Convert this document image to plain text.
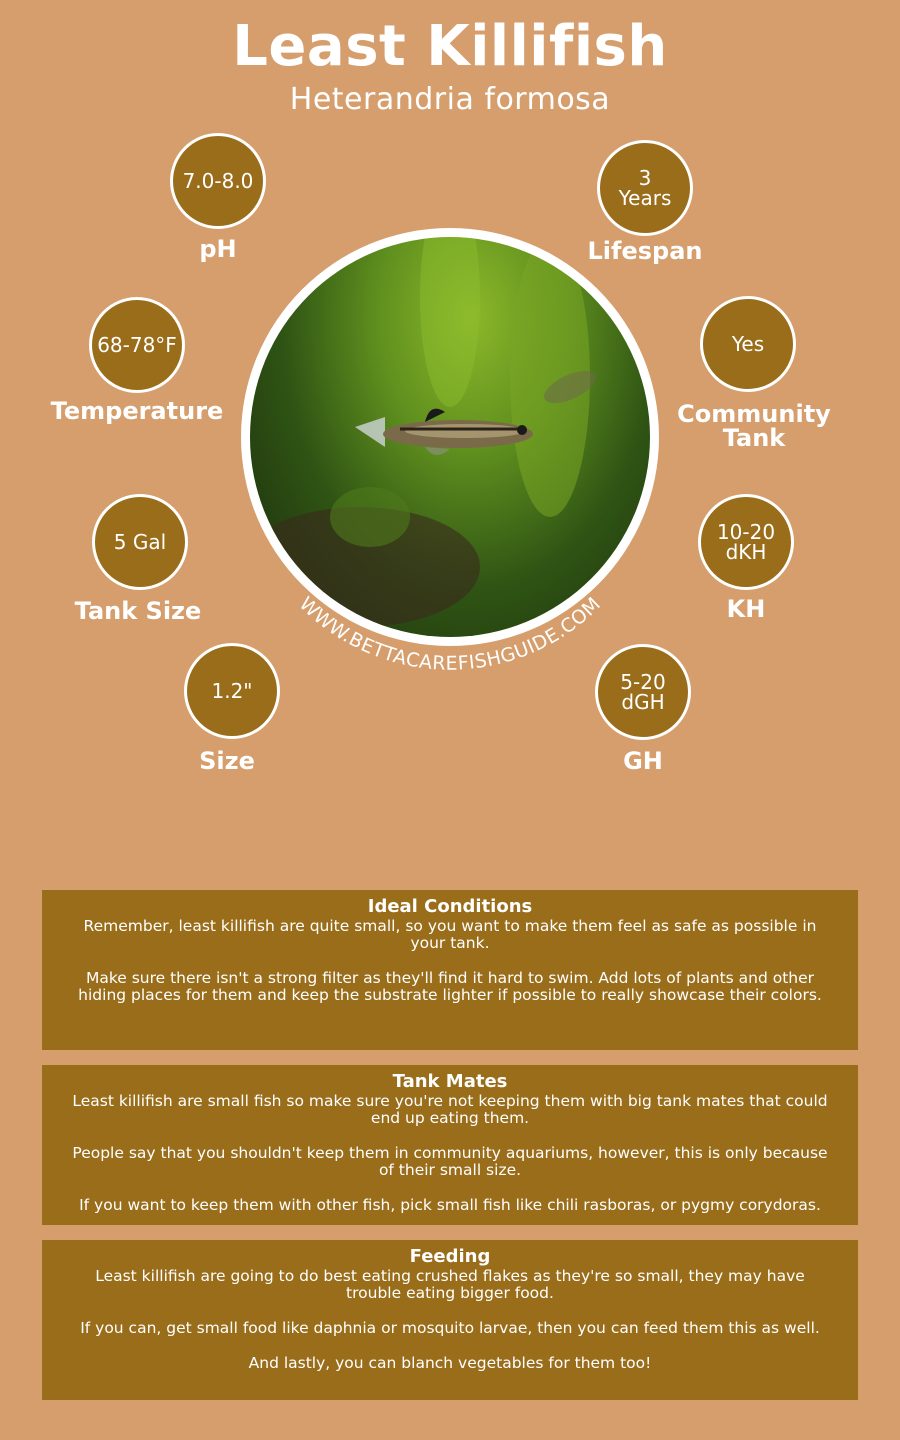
Least Killifish
Heterandria formosa
7.0-8.0
pH
3
Years
Lifespan
68-78°F
Temperature
Yes
Community
Tank
5 Gal
Tank Size
10-20
dKH
KH
1.2"
Size
5-20
dGH
GH
WWW.BETTACAREFISHGUIDE.COM
Ideal Conditions

Remember, least killifish are quite small, so you want to make them feel as safe as possible in your tank.

Make sure there isn't a strong filter as they'll find it hard to swim. Add lots of plants and other hiding places for them and keep the substrate lighter if possible to really showcase their colors.

Tank Mates

Least killifish are small fish so make sure you're not keeping them with big tank mates that could end up eating them.

People say that you shouldn't keep them in community aquariums, however, this is only because of their small size.

If you want to keep them with other fish, pick small fish like chili rasboras, or pygmy corydoras.

Feeding

Least killifish are going to do best eating crushed flakes as they're so small, they may have trouble eating bigger food.

If you can, get small food like daphnia or mosquito larvae, then you can feed them this as well.

And lastly, you can blanch vegetables for them too!
